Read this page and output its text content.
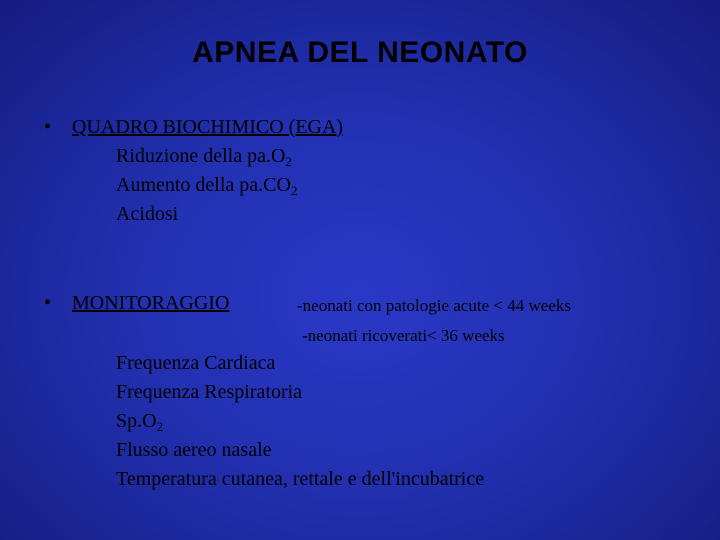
APNEA DEL NEONATO
• QUADRO BIOCHIMICO (EGA)
Riduzione della $pa.O_2$
Aumento della $pa.CO_2$
Acidosi
• MONITORAGGIO	-neonati con patologie acute < 44 weeks
-neonati ricoverati< 36 weeks
Frequenza Cardiaca
Frequenza Respiratoria
$Sp.O_2$
Flusso aereo nasale
Temperatura cutanea, rettale e dell'incubatrice
